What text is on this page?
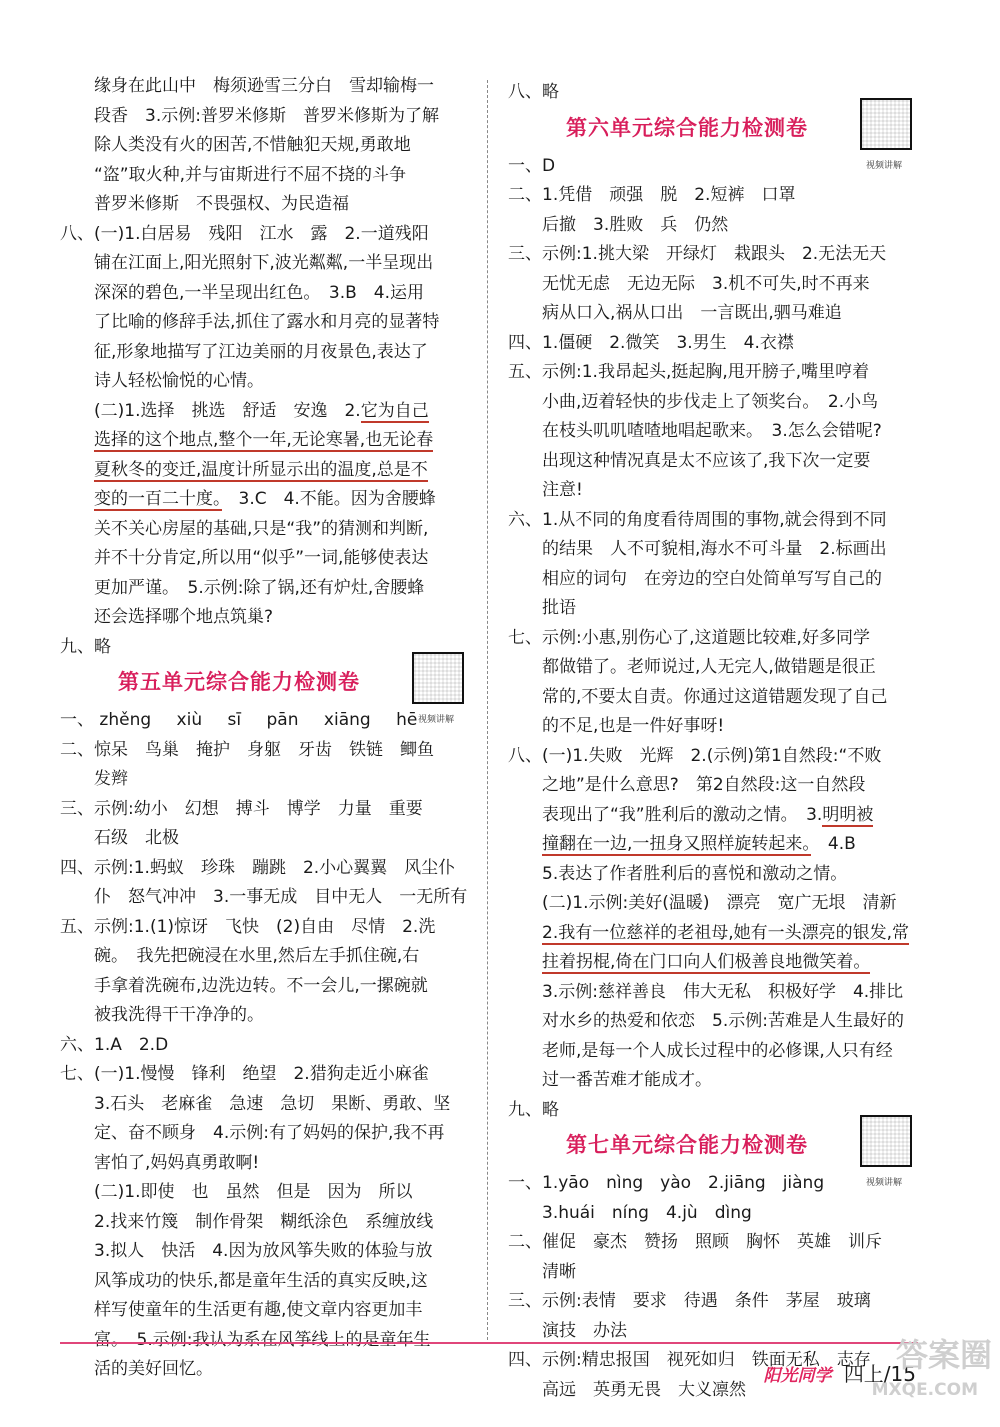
缘身在此山中　梅须逊雪三分白　雪却输梅一

段香　3.示例:普罗米修斯　普罗米修斯为了解

除人类没有火的困苦,不惜触犯天规,勇敢地

“盗”取火种,并与宙斯进行不屈不挠的斗争

普罗米修斯　不畏强权、为民造福

八、(一)1.白居易　残阳　江水　露　2.一道残阳

铺在江面上,阳光照射下,波光粼粼,一半呈现出

深深的碧色,一半呈现出红色。　3.B　4.运用

了比喻的修辞手法,抓住了露水和月亮的显著特

征,形象地描写了江边美丽的月夜景色,表达了

诗人轻松愉悦的心情。

(二)1.选择　挑选　舒适　安逸　2.它为自己

选择的这个地点,整个一年,无论寒暑,也无论春

夏秋冬的变迁,温度计所显示出的温度,总是不

变的一百二十度。　3.C　4.不能。因为舍腰蜂

关不关心房屋的基础,只是“我”的猜测和判断,

并不十分肯定,所以用“似乎”一词,能够使表达

更加严谨。　5.示例:除了锅,还有炉灶,舍腰蜂

还会选择哪个地点筑巢?

九、略

第五单元综合能力检测卷
视频讲解

一、 zhěng xiù sī pān xiāng hē

二、惊呆　鸟巢　掩护　身躯　牙齿　铁链　鲫鱼

发辫

三、示例:幼小　幻想　搏斗　博学　力量　重要

石级　北极

四、示例:1.蚂蚁　珍珠　蹦跳　2.小心翼翼　风尘仆

仆　怒气冲冲　3.一事无成　目中无人　一无所有

五、示例:1.(1)惊讶　飞快　(2)自由　尽情　2.洗

碗。　我先把碗浸在水里,然后左手抓住碗,右

手拿着洗碗布,边洗边转。不一会儿,一摞碗就

被我洗得干干净净的。

六、1.A　2.D

七、(一)1.慢慢　锋利　绝望　2.猎狗走近小麻雀

3.石头　老麻雀　急速　急切　果断、勇敢、坚

定、奋不顾身　4.示例:有了妈妈的保护,我不再

害怕了,妈妈真勇敢啊!

(二)1.即使　也　虽然　但是　因为　所以

2.找来竹篾　制作骨架　糊纸涂色　系缠放线

3.拟人　快活　4.因为放风筝失败的体验与放

风筝成功的快乐,都是童年生活的真实反映,这

样写使童年的生活更有趣,使文章内容更加丰

富。　5.示例:我认为系在风筝线上的是童年生

活的美好回忆。

八、略

第六单元综合能力检测卷
视频讲解

一、D

二、1.凭借　顽强　脱　2.短裤　口罩

后撤　3.胜败　兵　仍然

三、示例:1.挑大梁　开绿灯　栽跟头　2.无法无天

无忧无虑　无边无际　3.机不可失,时不再来

病从口入,祸从口出　一言既出,驷马难追

四、1.僵硬　2.微笑　3.男生　4.衣襟

五、示例:1.我昂起头,挺起胸,甩开膀子,嘴里哼着

小曲,迈着轻快的步伐走上了领奖台。　2.小鸟

在枝头叽叽喳喳地唱起歌来。　3.怎么会错呢?

出现这种情况真是太不应该了,我下次一定要

注意!

六、1.从不同的角度看待周围的事物,就会得到不同

的结果　人不可貌相,海水不可斗量　2.标画出

相应的词句　在旁边的空白处简单写写自己的

批语

七、示例:小惠,别伤心了,这道题比较难,好多同学

都做错了。老师说过,人无完人,做错题是很正

常的,不要太自责。你通过这道错题发现了自己

的不足,也是一件好事呀!

八、(一)1.失败　光辉　2.(示例)第1自然段:“不败

之地”是什么意思?　第2自然段:这一自然段

表现出了“我”胜利后的激动之情。　3.明明被

撞翻在一边,一扭身又照样旋转起来。　4.B

5.表达了作者胜利后的喜悦和激动之情。

(二)1.示例:美好(温暖)　漂亮　宽广无垠　清新

2.我有一位慈祥的老祖母,她有一头漂亮的银发,常

拄着拐棍,倚在门口向人们极善良地微笑着。

3.示例:慈祥善良　伟大无私　积极好学　4.排比

对水乡的热爱和依恋　5.示例:苦难是人生最好的

老师,是每一个人成长过程中的必修课,人只有经

过一番苦难才能成才。

九、略

第七单元综合能力检测卷
视频讲解

一、1.yāo　nìng　yào　2.jiāng　jiàng

3.huái　níng　4.jù　dìng

二、催促　豪杰　赞扬　照顾　胸怀　英雄　训斥

清晰

三、示例:表情　要求　待遇　条件　茅屋　玻璃

演技　办法

四、示例:精忠报国　视死如归　铁面无私　志存

高远　英勇无畏　大义凛然

阳光同学 四上/15
答案圈
MXQE.COM
